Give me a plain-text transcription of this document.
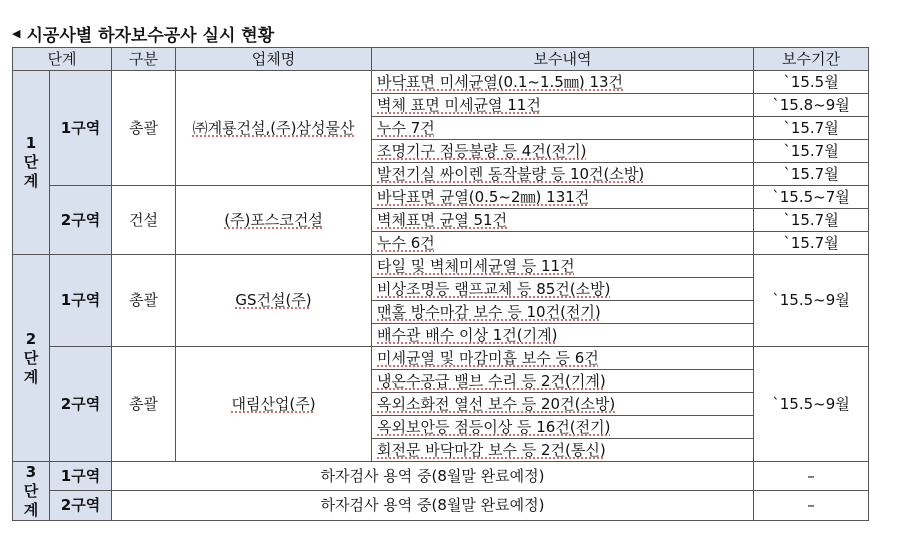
◀ 시공사별 하자보수공사 실시 현황
단계		구분	업체명	보수내역	보수기간

1
단
계	1구역	총괄	㈜계룡건설,(주)삼성물산	바닥표면 미세균열(0.1~1.5㎜) 13건	`15.5월
				벽체 표면 미세균열 11건	`15.8~9월
				누수 7건	`15.7월
				조명기구 점등불량 등 4건(전기)	`15.7월
				발전기실 싸이렌 동작불량 등 10건(소방)	`15.7월
	2구역	건설	(주)포스코건설	바닥표면 균열(0.5~2㎜) 131건	`15.5~7월
				벽체표면 균열 51건	`15.7월
				누수 6건	`15.7월

2
단
계	1구역	총괄	GS건설(주)	타일 및 벽체미세균열 등 11건	`15.5~9월
				비상조명등 램프교체 등 85건(소방)	
				맨홀 방수마감 보수 등 10건(전기)	
				배수관 배수 이상 1건(기계)	
	2구역	총괄	대림산업(주)	미세균열 및 마감미흡 보수 등 6건	`15.5~9월
				냉온수공급 밸브 수리 등 2건(기계)	
				옥외소화전 열선 보수 등 20건(소방)	
				옥외보안등 점등이상 등 16건(전기)	
				회전문 바닥마감 보수 등 2건(통신)	

3
단
계	1구역	하자검사 용역 중(8월말 완료예정)			–
	2구역	하자검사 용역 중(8월말 완료예정)			–
